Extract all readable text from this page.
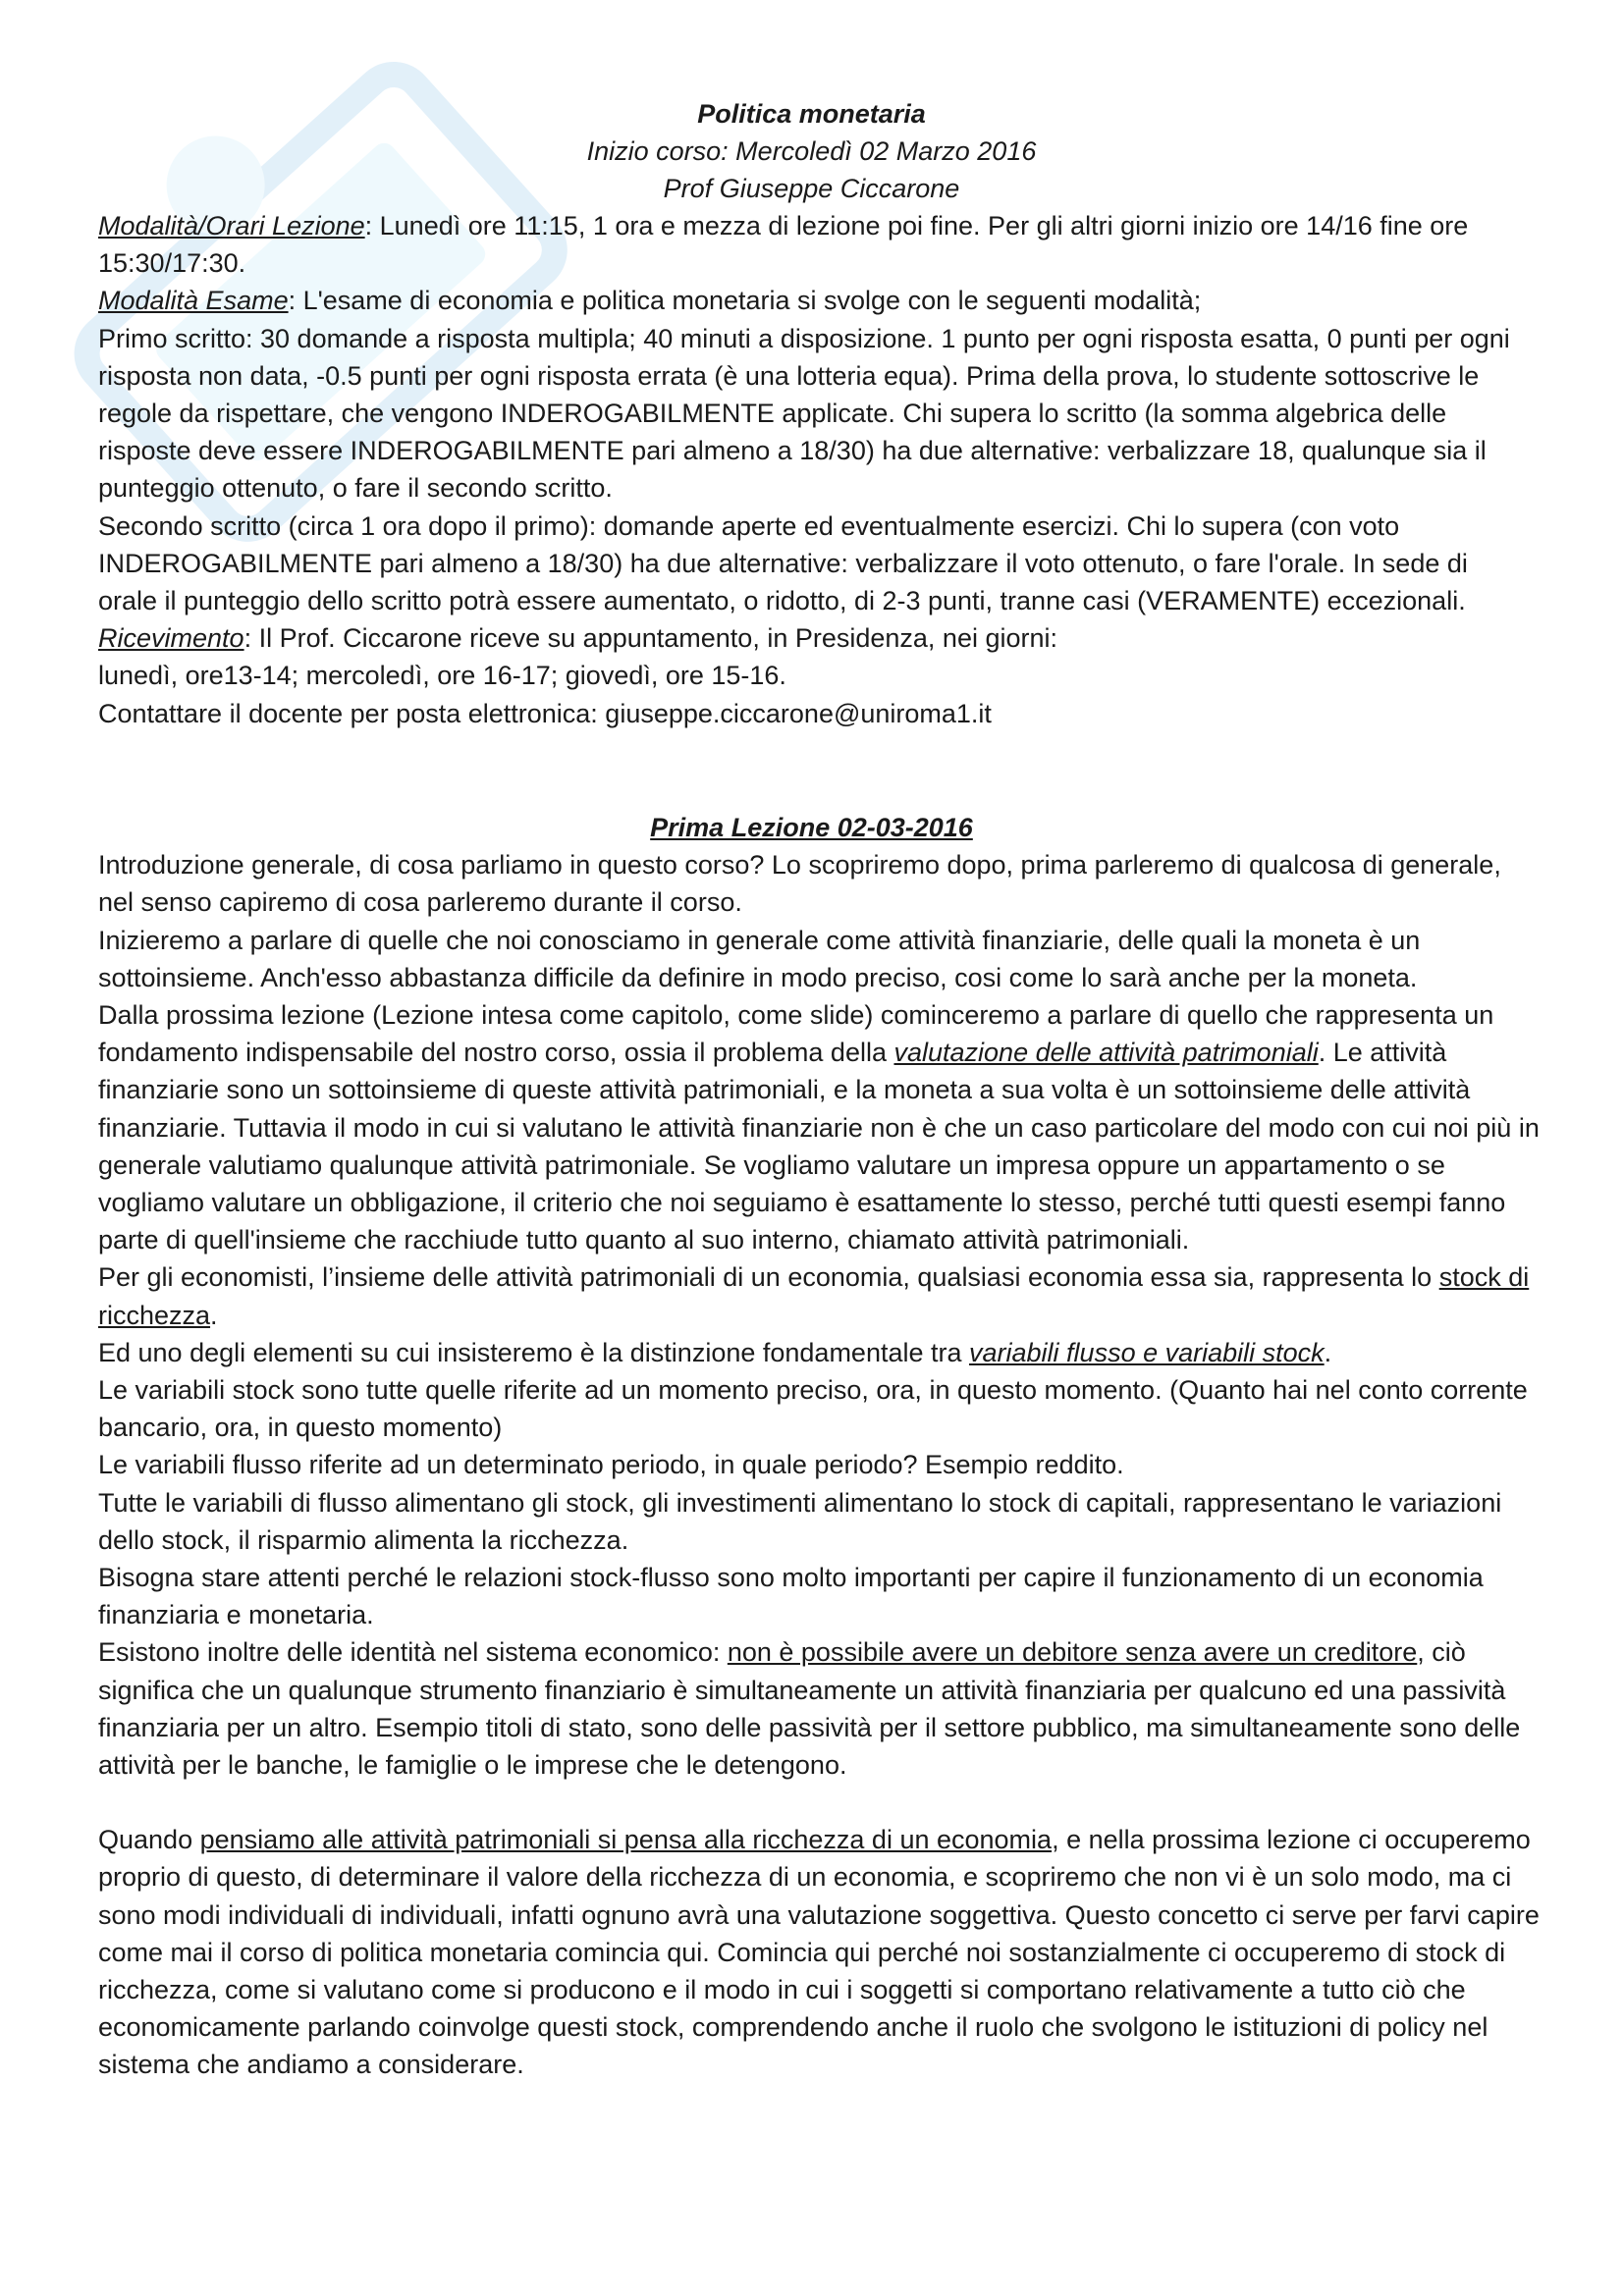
Politica monetaria
Inizio corso: Mercoledì 02 Marzo 2016
Prof Giuseppe Ciccarone

Modalità/Orari Lezione: Lunedì ore 11:15, 1 ora e mezza di lezione poi fine. Per gli altri giorni inizio ore 14/16 fine ore 15:30/17:30.

Modalità Esame: L'esame di economia e politica monetaria si svolge con le seguenti modalità;

Primo scritto: 30 domande a risposta multipla; 40 minuti a disposizione. 1 punto per ogni risposta esatta, 0 punti per ogni risposta non data, -0.5 punti per ogni risposta errata (è una lotteria equa). Prima della prova, lo studente sottoscrive le regole da rispettare, che vengono INDEROGABILMENTE applicate. Chi supera lo scritto (la somma algebrica delle risposte deve essere INDEROGABILMENTE pari almeno a 18/30) ha due alternative: verbalizzare 18, qualunque sia il punteggio ottenuto, o fare il secondo scritto.

Secondo scritto (circa 1 ora dopo il primo): domande aperte ed eventualmente esercizi. Chi lo supera (con voto INDEROGABILMENTE pari almeno a 18/30) ha due alternative: verbalizzare il voto ottenuto, o fare l'orale. In sede di orale il punteggio dello scritto potrà essere aumentato, o ridotto, di 2-3 punti, tranne casi (VERAMENTE) eccezionali.

Ricevimento: Il Prof. Ciccarone riceve su appuntamento, in Presidenza, nei giorni:

lunedì, ore13-14; mercoledì, ore 16-17; giovedì, ore 15-16.

Contattare il docente per posta elettronica: giuseppe.ciccarone@uniroma1.it

Prima Lezione 02-03-2016

Introduzione generale, di cosa parliamo in questo corso? Lo scopriremo dopo, prima parleremo di qualcosa di generale, nel senso capiremo di cosa parleremo durante il corso.

Inizieremo a parlare di quelle che noi conosciamo in generale come attività finanziarie, delle quali la moneta è un sottoinsieme. Anch'esso abbastanza difficile da definire in modo preciso, cosi come lo sarà anche per la moneta.

Dalla prossima lezione (Lezione intesa come capitolo, come slide) cominceremo a parlare di quello che rappresenta un fondamento indispensabile del nostro corso, ossia il problema della valutazione delle attività patrimoniali. Le attività finanziarie sono un sottoinsieme di queste attività patrimoniali, e la moneta a sua volta è un sottoinsieme delle attività finanziarie. Tuttavia il modo in cui si valutano le attività finanziarie non è che un caso particolare del modo con cui noi più in generale valutiamo qualunque attività patrimoniale. Se vogliamo valutare un impresa oppure un appartamento o se vogliamo valutare un obbligazione, il criterio che noi seguiamo è esattamente lo stesso, perché tutti questi esempi fanno parte di quell'insieme che racchiude tutto quanto al suo interno, chiamato attività patrimoniali.

Per gli economisti, l’insieme delle attività patrimoniali di un economia, qualsiasi economia essa sia, rappresenta lo stock di ricchezza.

Ed uno degli elementi su cui insisteremo è la distinzione fondamentale tra variabili flusso e variabili stock.

Le variabili stock sono tutte quelle riferite ad un momento preciso, ora, in questo momento. (Quanto hai nel conto corrente bancario, ora, in questo momento)

Le variabili flusso riferite ad un determinato periodo, in quale periodo? Esempio reddito.

Tutte le variabili di flusso alimentano gli stock, gli investimenti alimentano lo stock di capitali, rappresentano le variazioni dello stock, il risparmio alimenta la ricchezza.

Bisogna stare attenti perché le relazioni stock-flusso sono molto importanti per capire il funzionamento di un economia finanziaria e monetaria.

Esistono inoltre delle identità nel sistema economico: non è possibile avere un debitore senza avere un creditore, ciò significa che un qualunque strumento finanziario è simultaneamente un attività finanziaria per qualcuno ed una passività finanziaria per un altro. Esempio titoli di stato, sono delle passività per il settore pubblico, ma simultaneamente sono delle attività per le banche, le famiglie o le imprese che le detengono.

Quando pensiamo alle attività patrimoniali si pensa alla ricchezza di un economia, e nella prossima lezione ci occuperemo proprio di questo, di determinare il valore della ricchezza di un economia, e scopriremo che non vi è un solo modo, ma ci sono modi individuali di individuali, infatti ognuno avrà una valutazione soggettiva. Questo concetto ci serve per farvi capire come mai il corso di politica monetaria comincia qui. Comincia qui perché noi sostanzialmente ci occuperemo di stock di ricchezza, come si valutano come si producono e il modo in cui i soggetti si comportano relativamente a tutto ciò che economicamente parlando coinvolge questi stock, comprendendo anche il ruolo che svolgono le istituzioni di policy nel sistema che andiamo a considerare.
